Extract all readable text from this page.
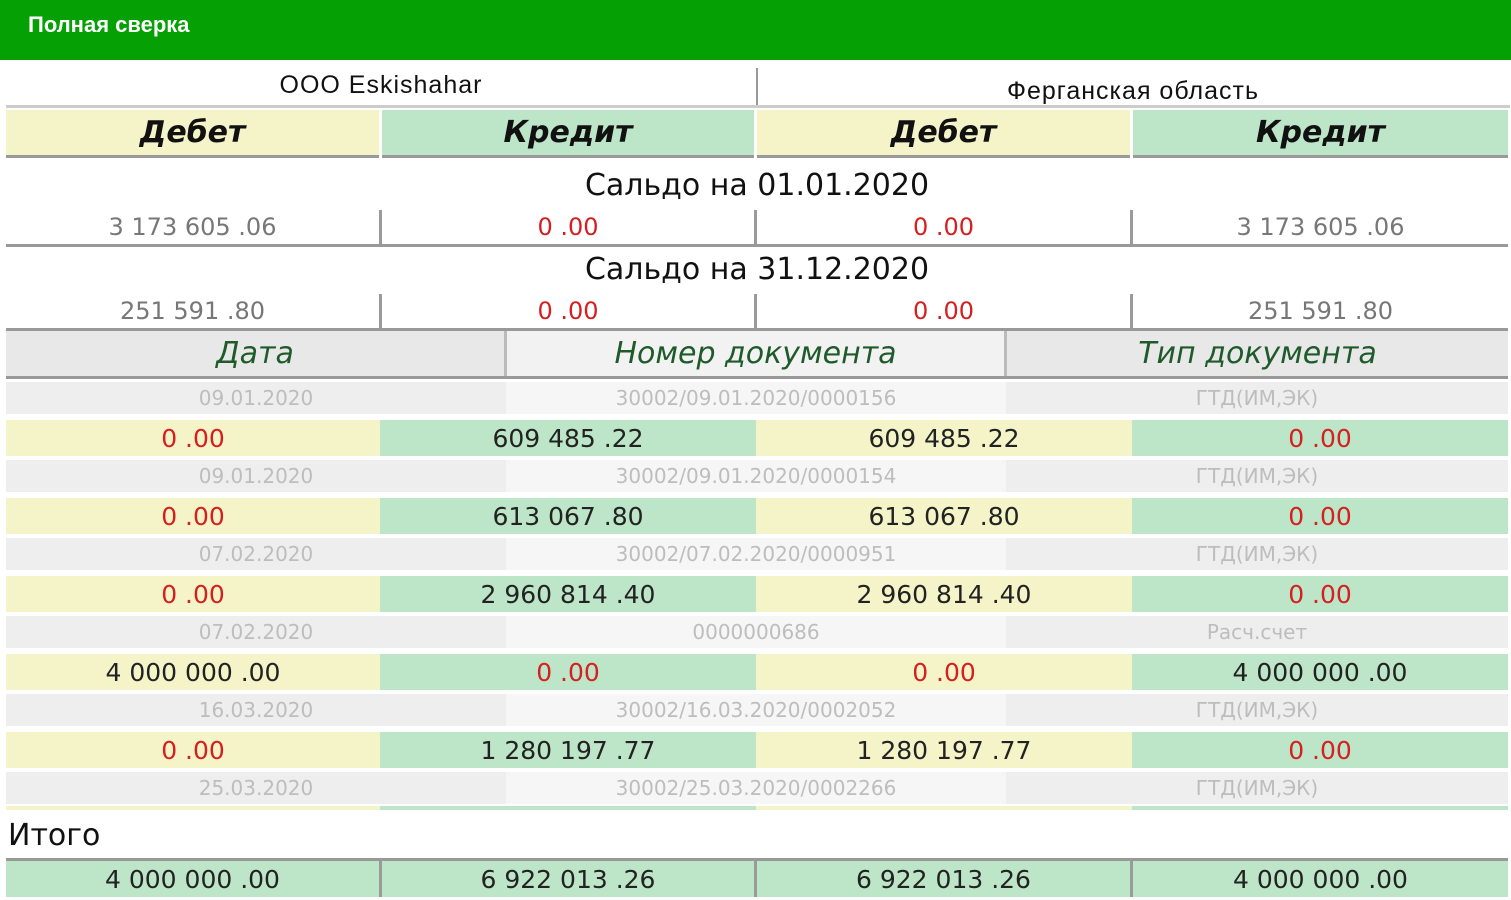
Полная сверка
ООО Eskishahar	Ферганская область
Дебет	Кредит	Дебет	Кредит
Сальдо на 01.01.2020
3 173 605 .06	0 .00	0 .00	3 173 605 .06
Сальдо на 31.12.2020
251 591 .80	0 .00	0 .00	251 591 .80
Дата	Номер документа	Тип документа
09.01.2020	30002/09.01.2020/0000156	ГТД(ИМ,ЭК)
0 .00	609 485 .22	609 485 .22	0 .00
09.01.2020	30002/09.01.2020/0000154	ГТД(ИМ,ЭК)
0 .00	613 067 .80	613 067 .80	0 .00
07.02.2020	30002/07.02.2020/0000951	ГТД(ИМ,ЭК)
0 .00	2 960 814 .40	2 960 814 .40	0 .00
07.02.2020	0000000686	Расч.счет
4 000 000 .00	0 .00	0 .00	4 000 000 .00
16.03.2020	30002/16.03.2020/0002052	ГТД(ИМ,ЭК)
0 .00	1 280 197 .77	1 280 197 .77	0 .00
25.03.2020	30002/25.03.2020/0002266	ГТД(ИМ,ЭК)
Итого
4 000 000 .00	6 922 013 .26	6 922 013 .26	4 000 000 .00
